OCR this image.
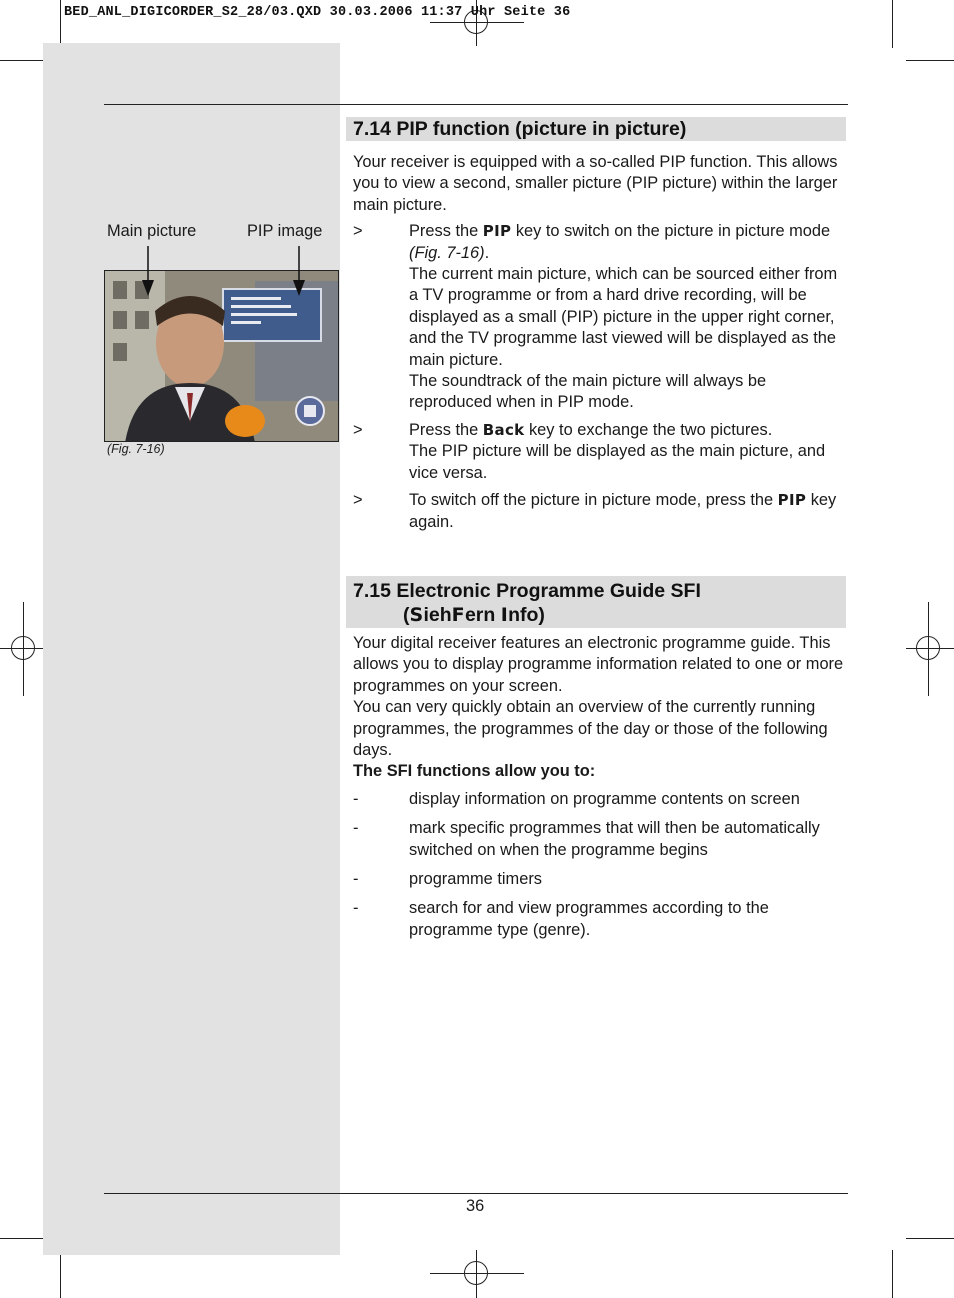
BED_ANL_DIGICORDER_S2_28/03.QXD 30.03.2006 11:37 Uhr Seite 36
Main picture	PIP image
(Fig. 7-16)
7.14 PIP function (picture in picture)

Your receiver is equipped with a so-called PIP function. This allows you to view a second, smaller picture (PIP picture) within the larger main picture.

>	Press the PIP key to switch on the picture in picture mode (Fig. 7-16).

The current main picture, which can be sourced either from a TV programme or from a hard drive recording, will be displayed as a small (PIP) picture in the upper right corner, and the TV programme last viewed will be displayed as the main picture.

The soundtrack of the main picture will always be reproduced when in PIP mode.

>	Press the Back key to exchange the two pictures.

The PIP picture will be displayed as the main picture, and vice versa.

>	To switch off the picture in picture mode, press the PIP key again.
7.15 Electronic Programme Guide SFI
(SiehFern Info)

Your digital receiver features an electronic programme guide. This allows you to display programme information related to one or more programmes on your screen.

You can very quickly obtain an overview of the currently running programmes, the programmes of the day or those of the following days.

The SFI functions allow you to:

-	display information on programme contents on screen
-	mark specific programmes that will then be automatically switched on when the programme begins
-	programme timers
-	search for and view programmes according to the programme type (genre).
36
